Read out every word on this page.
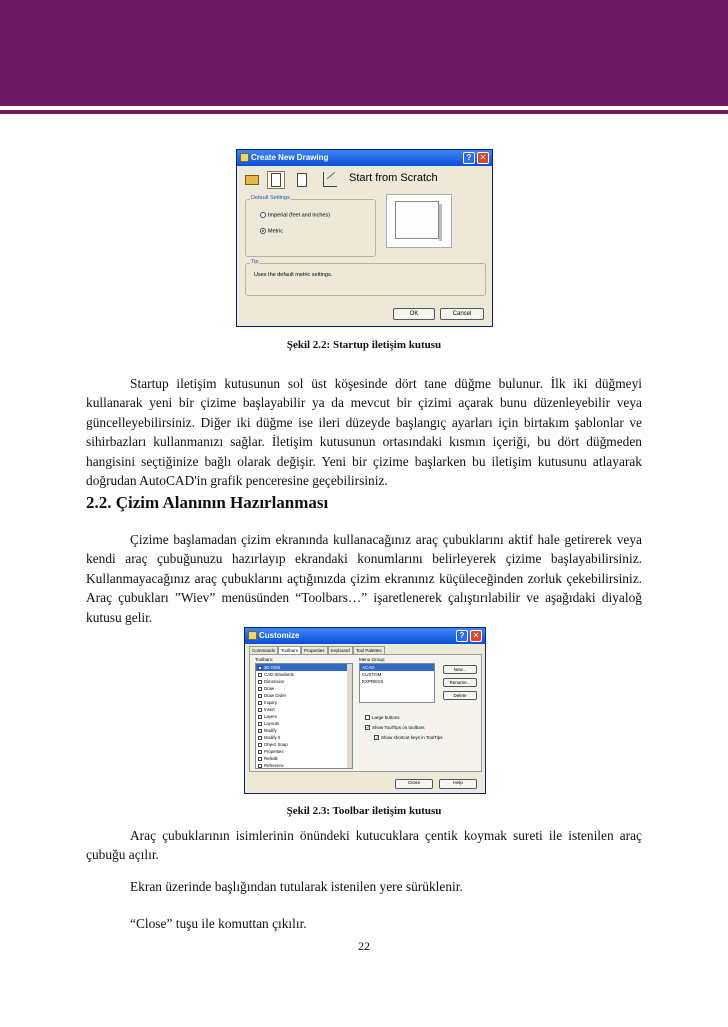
Create New Drawing	?	✕
Start from Scratch
Default Settings
Imperial (feet and inches)
Metric
Tip
Uses the default metric settings.
OK	Cancel
Şekil 2.2: Startup iletişim kutusu
Startup iletişim kutusunun sol üst köşesinde dört tane düğme bulunur. İlk iki düğmeyi kullanarak yeni bir çizime başlayabilir ya da mevcut bir çizimi açarak bunu düzenleyebilir veya güncelleyebilirsiniz. Diğer iki düğme ise ileri düzeyde başlangıç ayarları için birtakım şablonlar ve sihirbazları kullanmanızı sağlar. İletişim kutusunun ortasındaki kısmın içeriği, bu dört düğmeden hangisini seçtiğinize bağlı olarak değişir. Yeni bir çizime başlarken bu iletişim kutusunu atlayarak doğrudan AutoCAD'in grafik penceresine geçebilirsiniz.
2.2. Çizim Alanının Hazırlanması
Çizime başlamadan çizim ekranında kullanacağınız araç çubuklarını aktif hale getirerek veya kendi araç çubuğunuzu hazırlayıp ekrandaki konumlarını belirleyerek çizime başlayabilirsiniz. Kullanmayacağınız araç çubuklarını açtığınızda çizim ekranınız küçüleceğinden zorluk çekebilirsiniz. Araç çubukları ”Wiev” menüsünden “Toolbars…” işaretlenerek çalıştırılabilir ve aşağıdaki diyaloğ kutusu gelir.
Customize	?	✕
Commands	Toolbars	Properties	Keyboard	Tool Palettes
Toolbars:
3D Orbit
CAD Standards
Dimension
✓ Draw
✓ Draw Order
Inquiry
Insert
✓ Layers
Layouts
✓ Modify
Modify II
Object Snap
✓ Properties
Refedit
Reference
Menu Group:
ACAD
CUSTOM
EXPRESS
New...
Rename...
Delete
Large buttons
✓ Show ToolTips on toolbars
✓ Show shortcut keys in ToolTips
Close	Help
Şekil 2.3: Toolbar iletişim kutusu
Araç çubuklarının isimlerinin önündeki kutucuklara çentik koymak sureti ile istenilen araç çubuğu açılır.
Ekran üzerinde başlığından tutularak istenilen yere sürüklenir.
“Close” tuşu ile komuttan çıkılır.
22
